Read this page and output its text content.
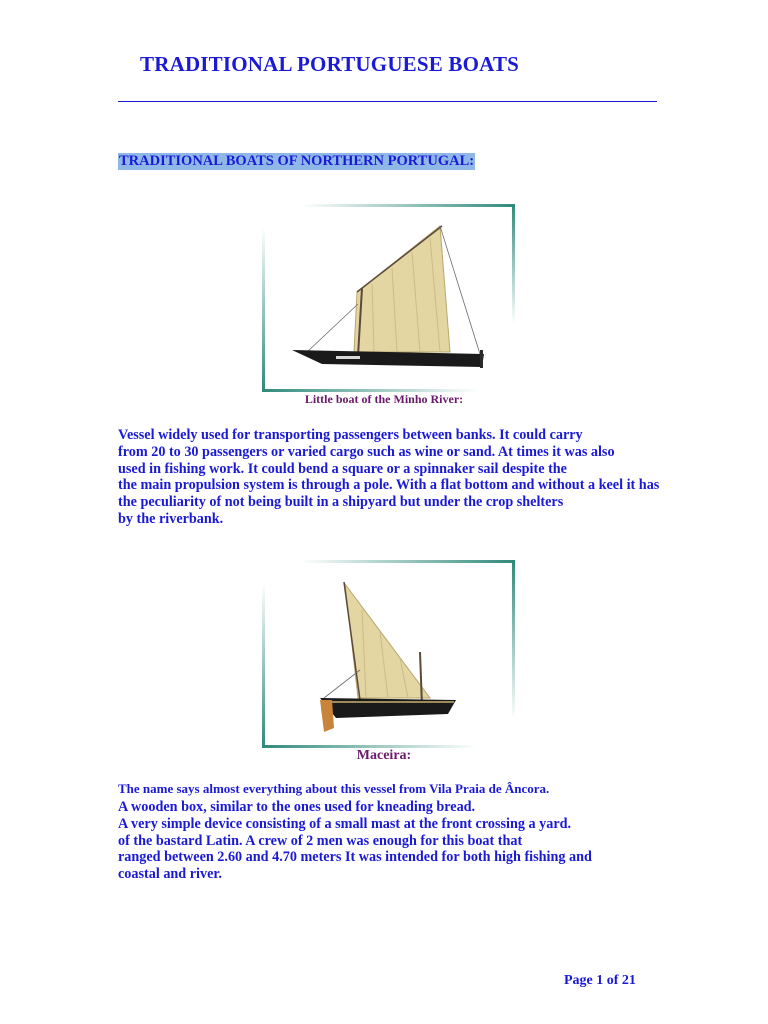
TRADITIONAL PORTUGUESE BOATS
TRADITIONAL BOATS OF NORTHERN PORTUGAL:
Little boat of the Minho River:
Vessel widely used for transporting passengers between banks. It could carry
from 20 to 30 passengers or varied cargo such as wine or sand. At times it was also
used in fishing work. It could bend a square or a spinnaker sail despite the
the main propulsion system is through a pole. With a flat bottom and without a keel it has
the peculiarity of not being built in a shipyard but under the crop shelters
by the riverbank.
Maceira:
The name says almost everything about this vessel from Vila Praia de Âncora.
A wooden box, similar to the ones used for kneading bread.
A very simple device consisting of a small mast at the front crossing a yard.
of the bastard Latin. A crew of 2 men was enough for this boat that
ranged between 2.60 and 4.70 meters It was intended for both high fishing and
coastal and river.
Page 1 of 21
